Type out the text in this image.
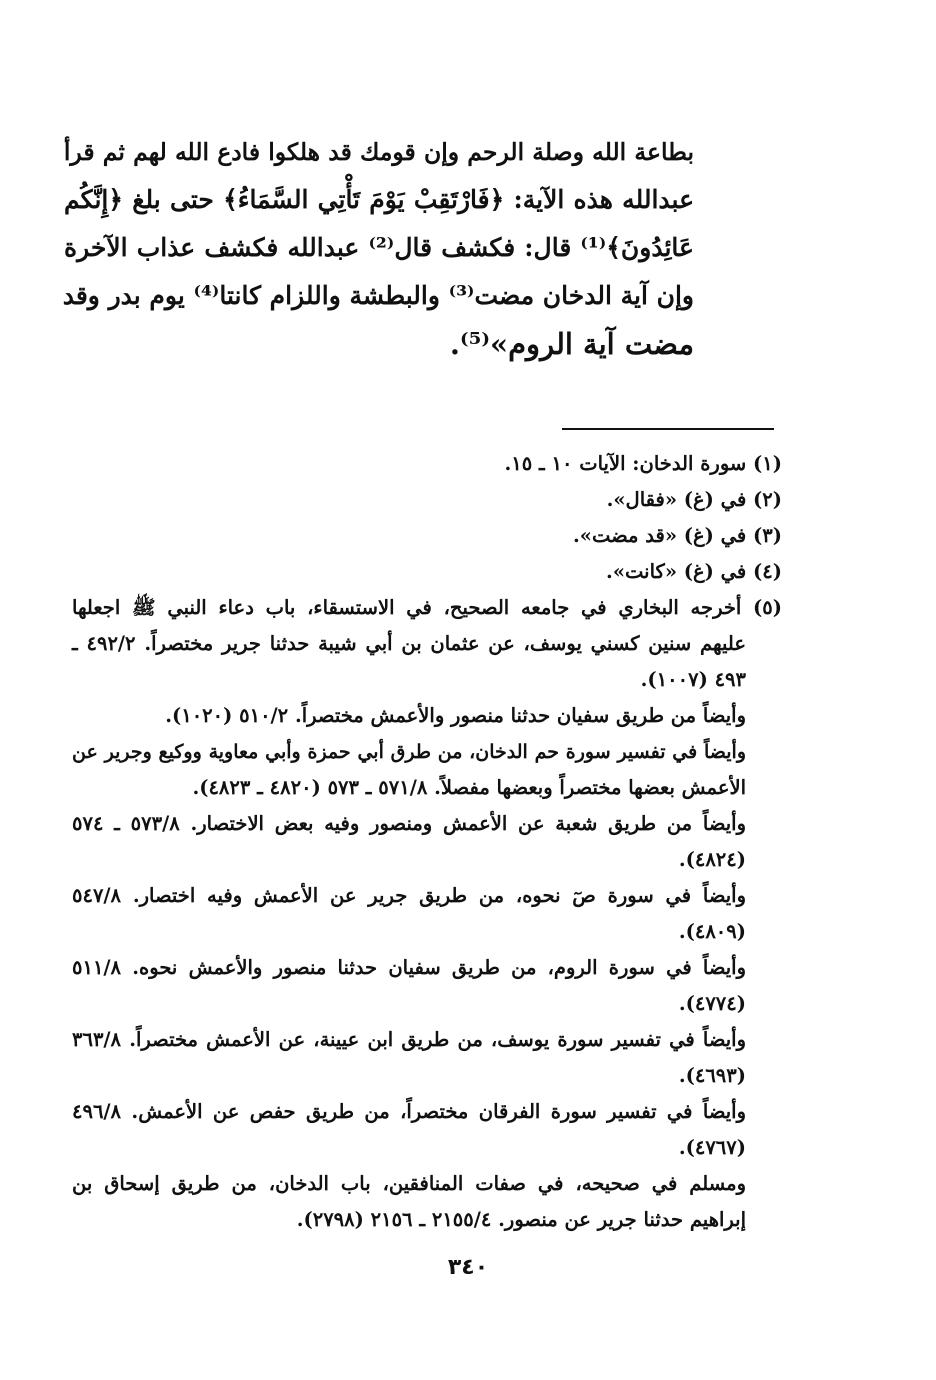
بطاعة الله وصلة الرحم وإن قومك قد هلكوا فادع الله لهم ثم قرأ
عبدالله هذه الآية: ﴿فَارْتَقِبْ يَوْمَ تَأْتِي السَّمَاءُ﴾ حتى بلغ ﴿إِنَّكُم
عَائِدُونَ﴾⁽¹⁾ قال: فكشف قال⁽²⁾ عبدالله فكشف عذاب الآخرة
وإن آية الدخان مضت⁽³⁾ والبطشة واللزام كانتا⁽⁴⁾ يوم بدر وقد
مضت آية الروم»⁽⁵⁾.
(١) سورة الدخان: الآيات ١٠ ـ ١٥.
(٢) في (غ) «فقال».
(٣) في (غ) «قد مضت».
(٤) في (غ) «كانت».
(٥) أخرجه البخاري في جامعه الصحيح، في الاستسقاء، باب دعاء النبي ﷺ اجعلها
عليهم سنين كسني يوسف، عن عثمان بن أبي شيبة حدثنا جرير مختصراً. ٤٩٢/٢ ـ
٤٩٣ (١٠٠٧).
وأيضاً من طريق سفيان حدثنا منصور والأعمش مختصراً. ٥١٠/٢ (١٠٢٠).
وأيضاً في تفسير سورة حم الدخان، من طرق أبي حمزة وأبي معاوية ووكيع وجرير عن
الأعمش بعضها مختصراً وبعضها مفصلاً. ٥٧١/٨ ـ ٥٧٣ (٤٨٢٠ ـ ٤٨٢٣).
وأيضاً من طريق شعبة عن الأعمش ومنصور وفيه بعض الاختصار. ٥٧٣/٨ ـ ٥٧٤
(٤٨٢٤).
وأيضاً في سورة صٓ نحوه، من طريق جرير عن الأعمش وفيه اختصار. ٥٤٧/٨
(٤٨٠٩).
وأيضاً في سورة الروم، من طريق سفيان حدثنا منصور والأعمش نحوه. ٥١١/٨
(٤٧٧٤).
وأيضاً في تفسير سورة يوسف، من طريق ابن عيينة، عن الأعمش مختصراً. ٣٦٣/٨
(٤٦٩٣).
وأيضاً في تفسير سورة الفرقان مختصراً، من طريق حفص عن الأعمش. ٤٩٦/٨
(٤٧٦٧).
ومسلم في صحيحه، في صفات المنافقين، باب الدخان، من طريق إسحاق بن
إبراهيم حدثنا جرير عن منصور. ٢١٥٥/٤ ـ ٢١٥٦ (٢٧٩٨).
٣٤٠
